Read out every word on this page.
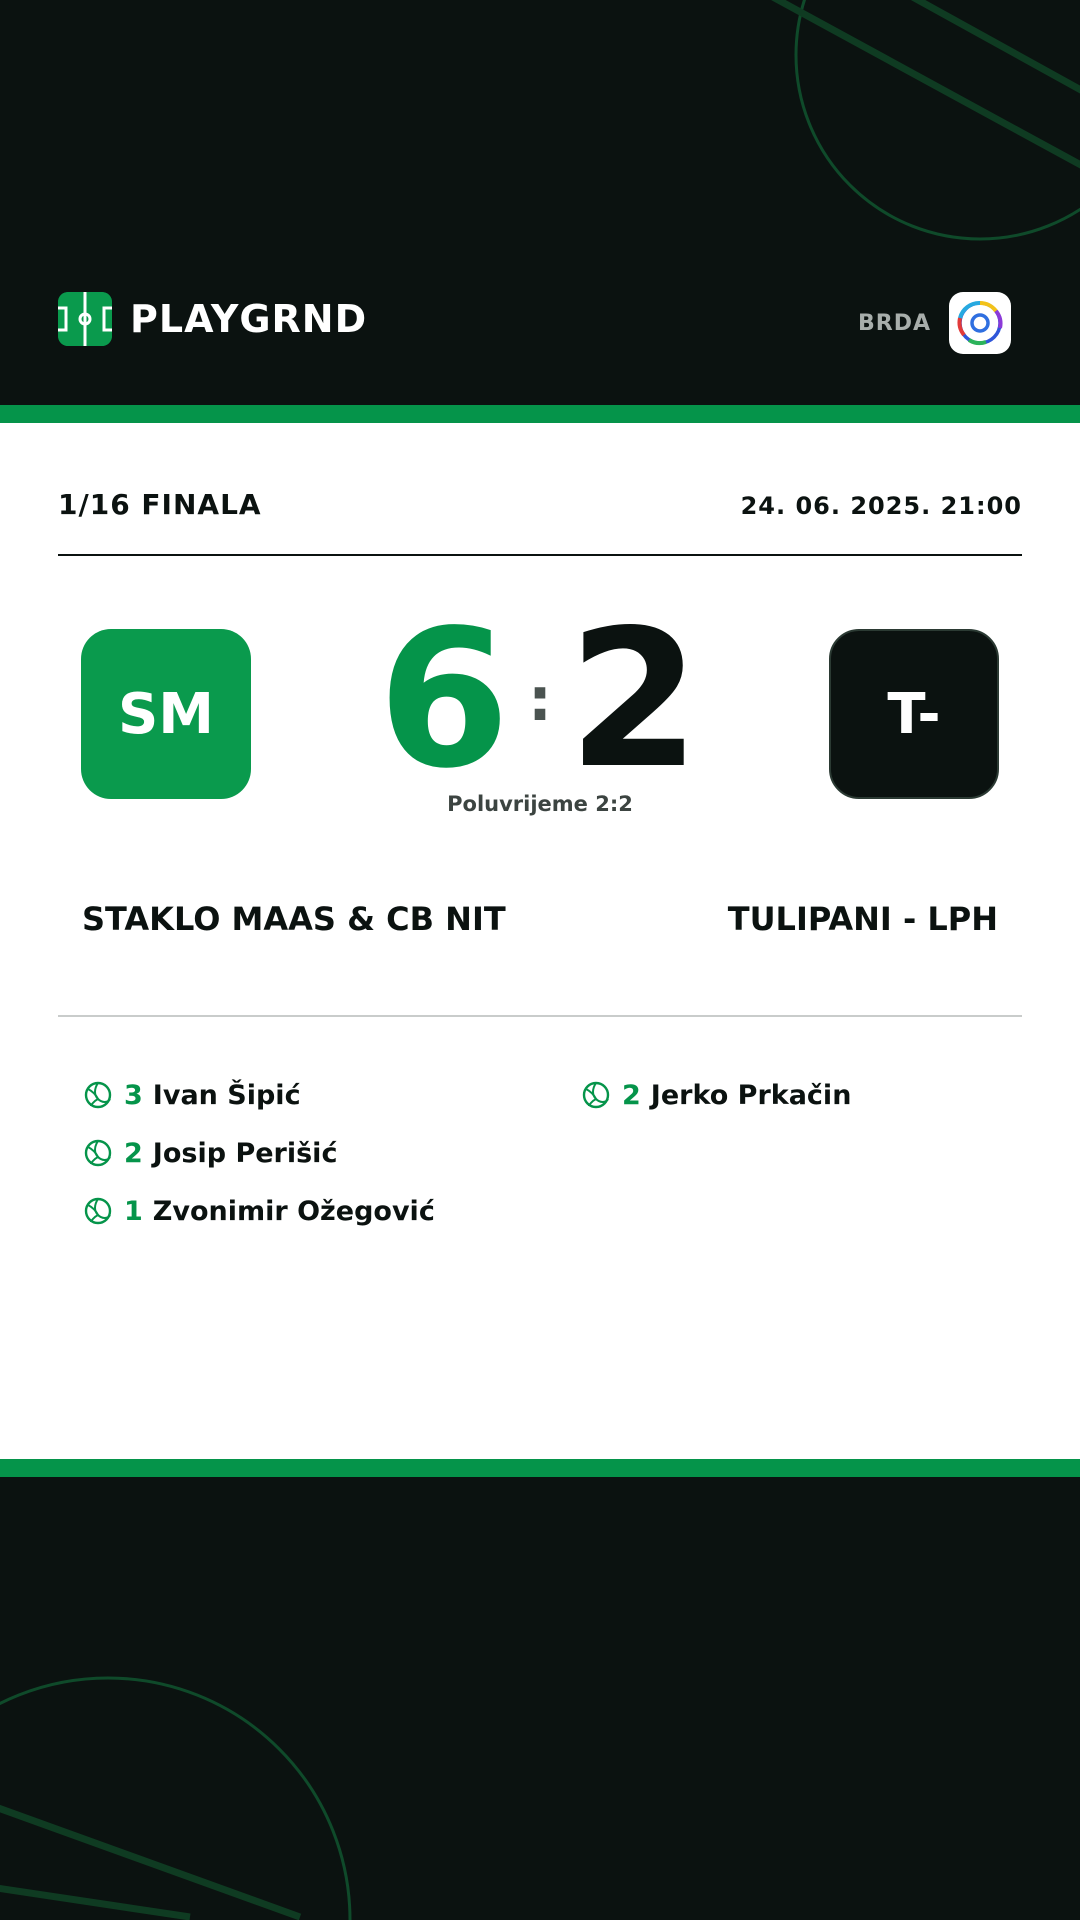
PLAYGRND	BRDA
1/16 FINALA	24. 06. 2025. 21:00
SM	T-
6 : 2
Poluvrijeme 2:2
STAKLO MAAS & CB NIT	TULIPANI - LPH
3 Ivan Šipić
2 Josip Perišić
1 Zvonimir Ožegović
2 Jerko Prkačin
